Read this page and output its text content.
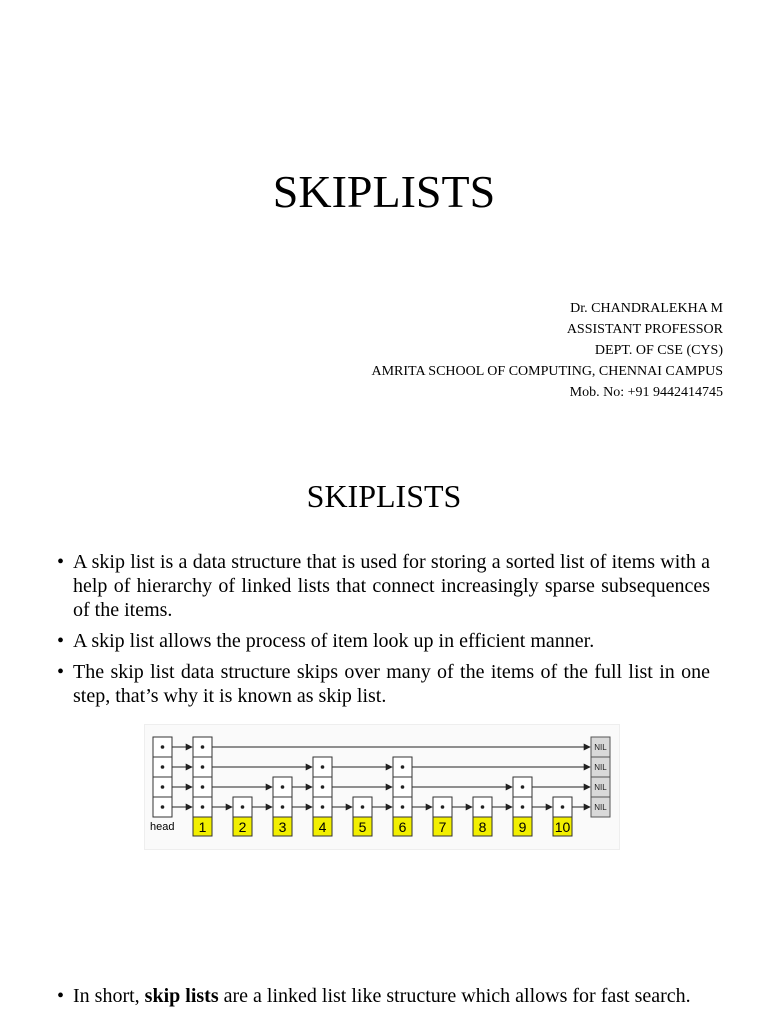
SKIPLISTS
Dr. CHANDRALEKHA M
ASSISTANT PROFESSOR
DEPT. OF CSE (CYS)
AMRITA SCHOOL OF COMPUTING, CHENNAI CAMPUS
Mob. No: +91 9442414745
SKIPLISTS
• A skip list is a data structure that is used for storing a sorted list of items with a help of hierarchy of linked lists that connect increasingly sparse subsequences of the items.
• A skip list allows the process of item look up in efficient manner.
• The skip list data structure skips over many of the items of the full list in one step, that’s why it is known as skip list.
head 1 2 3 4 5 6 7 8 9 10
NIL
NIL
NIL
NIL
• In short, skip lists are a linked list like structure which allows for fast search.
